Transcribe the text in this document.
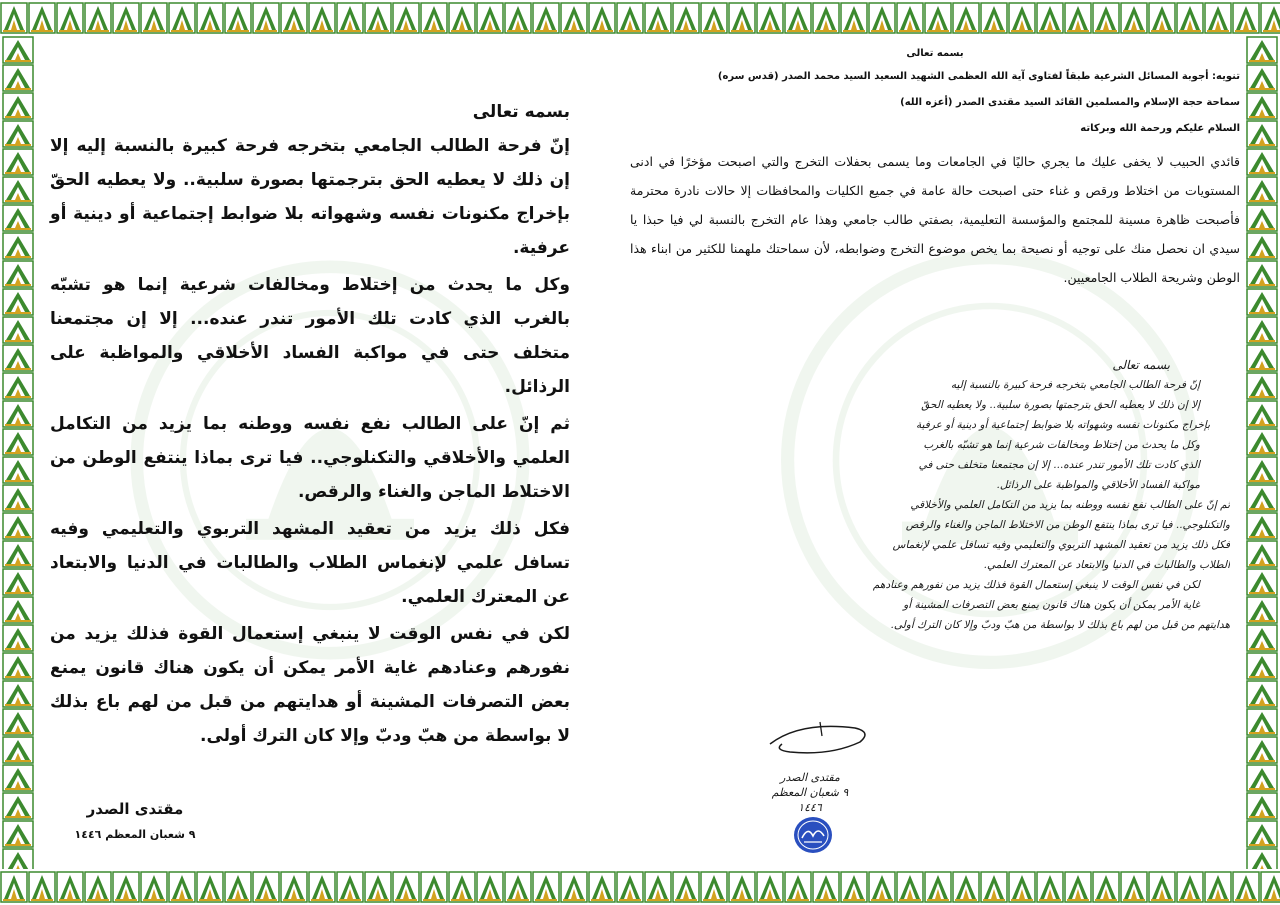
بسمه تعالى

إنّ فرحة الطالب الجامعي بتخرجه فرحة كبيرة بالنسبة إليه إلا إن ذلك لا يعطيه الحق بترجمتها بصورة سلبية.. ولا يعطيه الحقّ بإخراج مكنونات نفسه وشهواته بلا ضوابط إجتماعية أو دينية أو عرفية.

وكل ما يحدث من إختلاط ومخالفات شرعية إنما هو تشبّه بالغرب الذي كادت تلك الأمور تندر عنده... إلا إن مجتمعنا متخلف حتى في مواكبة الفساد الأخلاقي والمواظبة على الرذائل.

ثم إنّ على الطالب نفع نفسه ووطنه بما يزيد من التكامل العلمي والأخلاقي والتكنلوجي.. فيا ترى بماذا ينتفع الوطن من الاختلاط الماجن والغناء والرقص.

فكل ذلك يزيد من تعقيد المشهد التربوي والتعليمي وفيه تسافل علمي لإنغماس الطلاب والطالبات في الدنيا والابتعاد عن المعترك العلمي.

لكن في نفس الوقت لا ينبغي إستعمال القوة فذلك يزيد من نفورهم وعنادهم غاية الأمر يمكن أن يكون هناك قانون يمنع بعض التصرفات المشينة أو هدايتهم من قبل من لهم باع بذلك لا بواسطة من هبّ ودبّ وإلا كان الترك أولى.

مقتدى الصدر
٩ شعبان المعظم ١٤٤٦

بسمه تعالى

تنويه: أجوبة المسائل الشرعية طبقاً لفتاوى آية الله العظمى الشهيد السعيد السيد محمد الصدر (قدس سره)

سماحة حجة الإسلام والمسلمين القائد السيد مقتدى الصدر (أعزه الله)

السلام عليكم ورحمة الله وبركاته

قائدي الحبيب لا يخفى عليك ما يجري حاليًا في الجامعات وما يسمى بحفلات التخرج والتي اصبحت مؤخرًا في ادنى المستويات من اختلاط ورقص و غناء حتى اصبحت حالة عامة في جميع الكليات والمحافظات إلا حالات نادرة محترمة فأصبحت ظاهرة مسينة للمجتمع والمؤسسة التعليمية، بصفتي طالب جامعي وهذا عام التخرج بالنسبة لي فيا حبذا يا سيدي ان نحصل منك على توجيه أو نصيحة بما يخص موضوع التخرج وضوابطه، لأن سماحتك ملهمنا للكثير من ابناء هذا الوطن وشريحة الطلاب الجامعيين.

بسمه تعالى
إنّ فرحة الطالب الجامعي بتخرجه فرحة كبيرة بالنسبة إليه
إلا إن ذلك لا يعطيه الحق بترجمتها بصورة سلبية.. ولا يعطيه الحقّ
بإخراج مكنونات نفسه وشهواته بلا ضوابط إجتماعية أو دينية أو عرفية
وكل ما يحدث من إختلاط ومخالفات شرعية إنما هو تشبّه بالغرب
الذي كادت تلك الأمور تندر عنده... إلا إن مجتمعنا متخلف حتى في
مواكبة الفساد الأخلاقي والمواظبة على الرذائل.
ثم إنّ على الطالب نفع نفسه ووطنه بما يزيد من التكامل العلمي والأخلاقي
والتكنلوجي.. فيا ترى بماذا ينتفع الوطن من الاختلاط الماجن والغناء والرقص
فكل ذلك يزيد من تعقيد المشهد التربوي والتعليمي وفيه تسافل علمي لإنغماس
الطلاب والطالبات في الدنيا والابتعاد عن المعترك العلمي.
لكن في نفس الوقت لا ينبغي إستعمال القوة فذلك يزيد من نفورهم وعنادهم
غاية الأمر يمكن أن يكون هناك قانون يمنع بعض التصرفات المشينة أو
هدايتهم من قبل من لهم باع بذلك لا بواسطة من هبّ ودبّ وإلا كان الترك أولى.
مقتدى الصدر
٩ شعبان المعظم ١٤٤٦
